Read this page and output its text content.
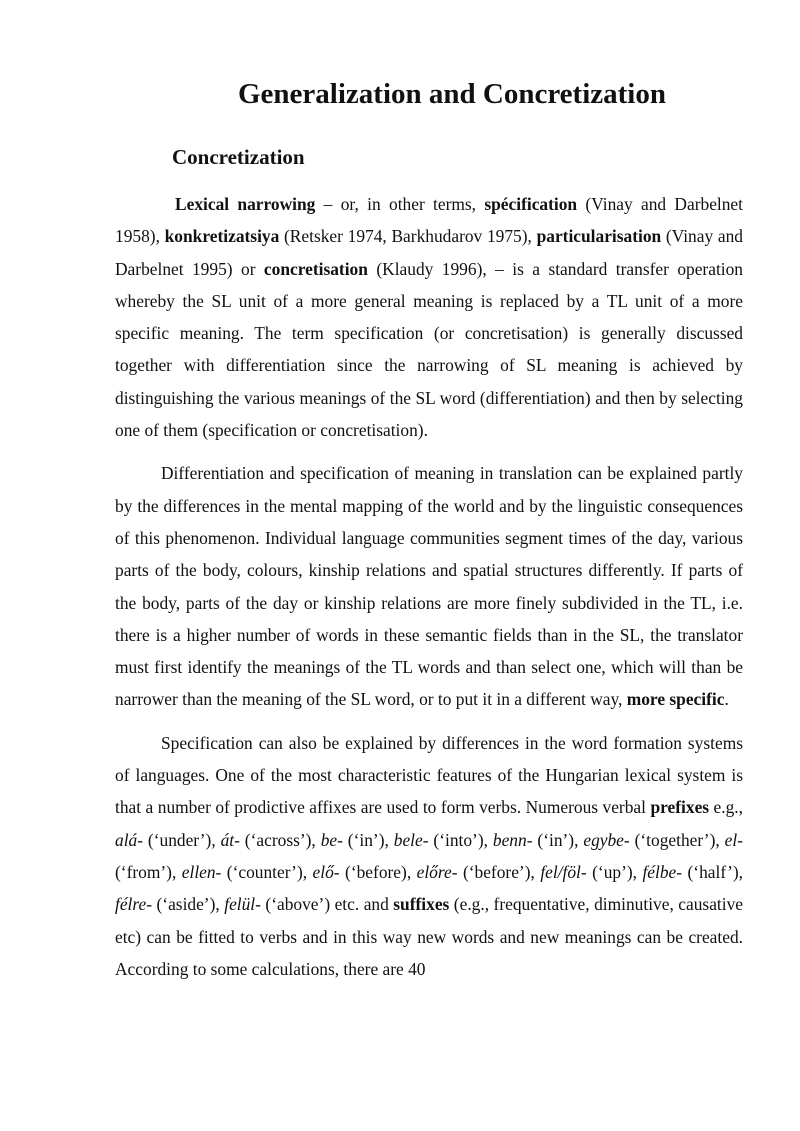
Generalization and Concretization
Concretization

Lexical narrowing – or, in other terms, spécification (Vinay and Darbelnet 1958), konkretizatsiya (Retsker 1974, Barkhudarov 1975), particularisation (Vinay and Darbelnet 1995) or concretisation (Klaudy 1996), – is a standard transfer operation whereby the SL unit of a more general meaning is replaced by a TL unit of a more specific meaning. The term specification (or concretisation) is generally discussed together with differentiation since the narrowing of SL meaning is achieved by distinguishing the various meanings of the SL word (differentiation) and then by selecting one of them (specification or concretisation).

Differentiation and specification of meaning in translation can be explained partly by the differences in the mental mapping of the world and by the linguistic consequences of this phenomenon. Individual language communities segment times of the day, various parts of the body, colours, kinship relations and spatial structures differently. If parts of the body, parts of the day or kinship relations are more finely subdivided in the TL, i.e. there is a higher number of words in these semantic fields than in the SL, the translator must first identify the meanings of the TL words and than select one, which will than be narrower than the meaning of the SL word, or to put it in a different way, more specific.

Specification can also be explained by differences in the word formation systems of languages. One of the most characteristic features of the Hungarian lexical system is that a number of prodictive affixes are used to form verbs. Numerous verbal prefixes e.g., alá- (‘under’), át- (‘across’), be- (‘in’), bele- (‘into’), benn- (‘in’), egybe- (‘together’), el- (‘from’), ellen- (‘counter’), elő- (‘before), előre- (‘before’), fel/föl- (‘up’), félbe- (‘half’), félre- (‘aside’), felül- (‘above’) etc. and suffixes (e.g., frequentative, diminutive, causative etc) can be fitted to verbs and in this way new words and new meanings can be created. According to some calculations, there are 40
